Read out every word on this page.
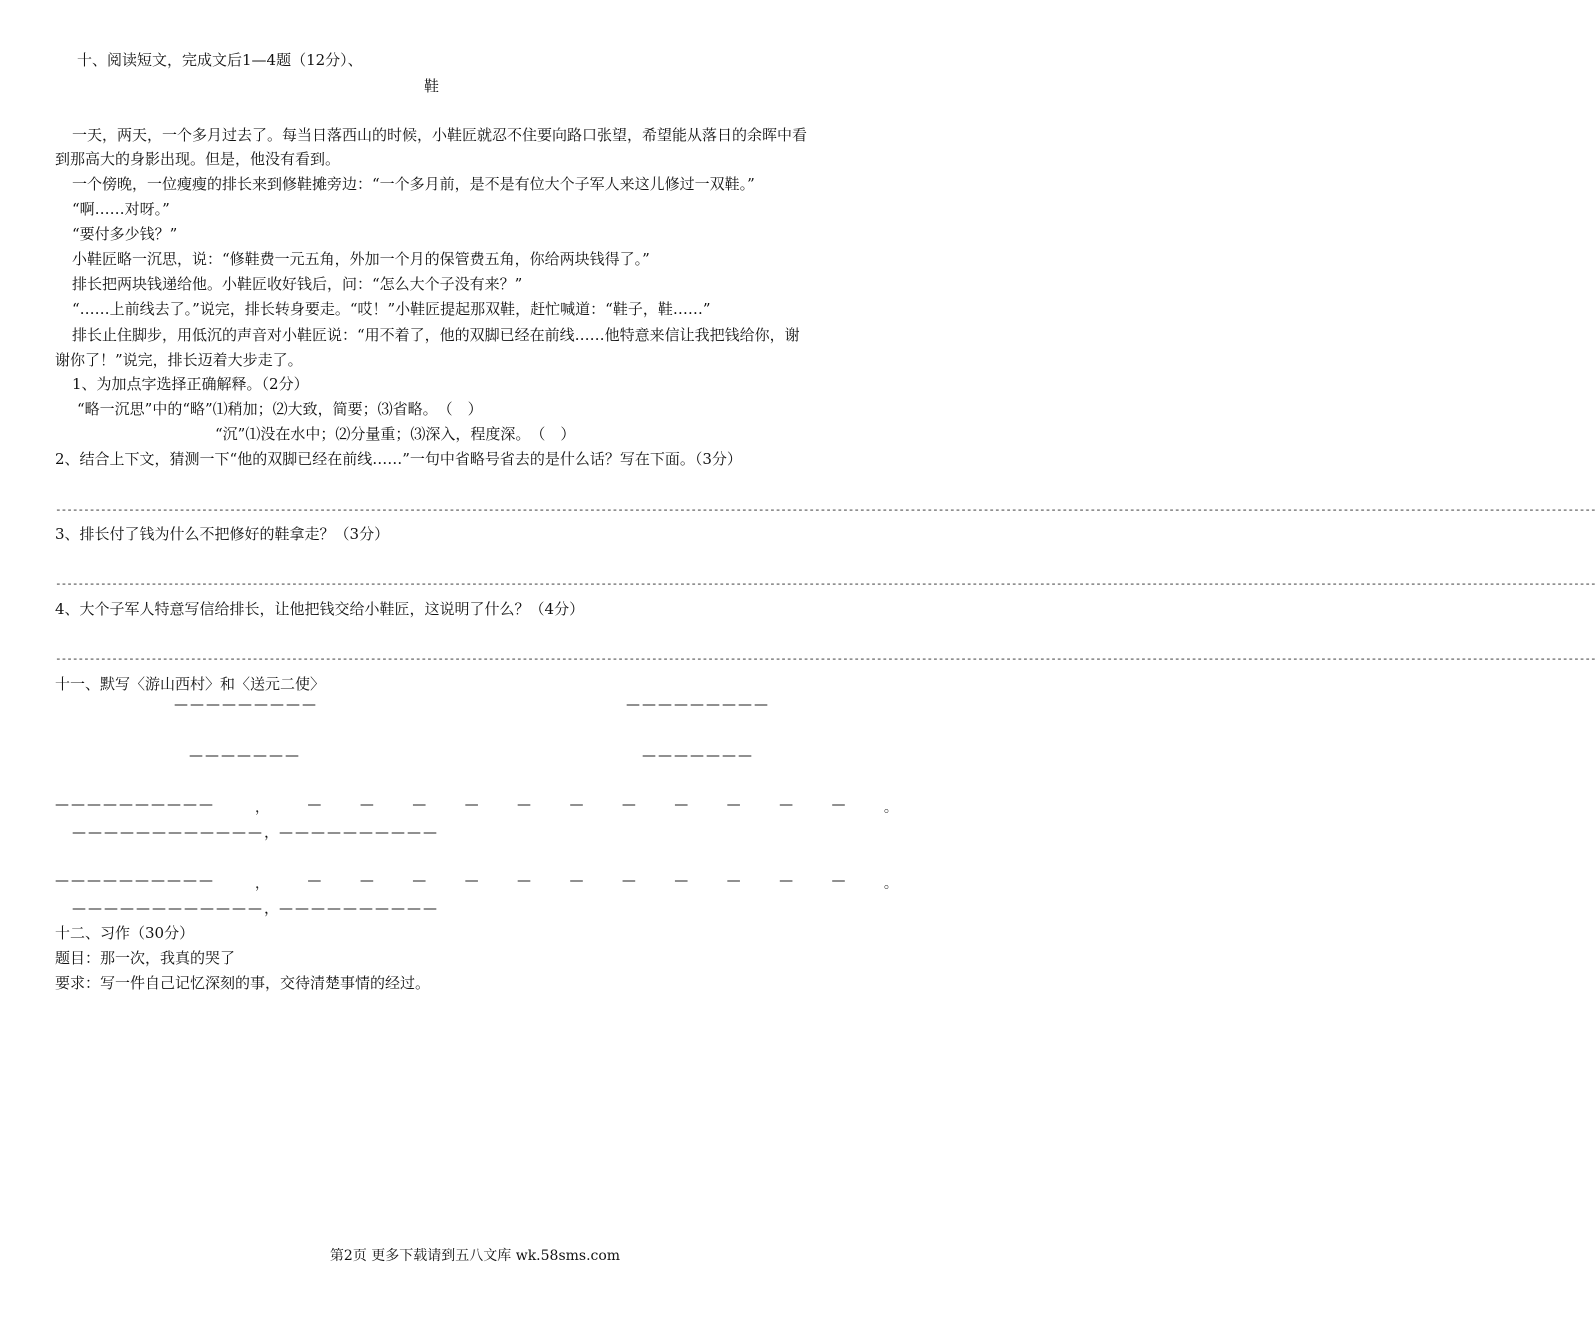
十、阅读短文，完成文后1—4题（12分）、
鞋
一天，两天，一个多月过去了。每当日落西山的时候，小鞋匠就忍不住要向路口张望，希望能从落日的余晖中看
到那高大的身影出现。但是，他没有看到。
一个傍晚，一位瘦瘦的排长来到修鞋摊旁边：“一个多月前，是不是有位大个子军人来这儿修过一双鞋。”
“啊……对呀。”
“要付多少钱？”
小鞋匠略一沉思，说：“修鞋费一元五角，外加一个月的保管费五角，你给两块钱得了。”
排长把两块钱递给他。小鞋匠收好钱后，问：“怎么大个子没有来？”
“……上前线去了。”说完，排长转身要走。“哎！”小鞋匠提起那双鞋，赶忙喊道：“鞋子，鞋……”
排长止住脚步，用低沉的声音对小鞋匠说：“用不着了，他的双脚已经在前线……他特意来信让我把钱给你，谢
谢你了！”说完，排长迈着大步走了。
1、为加点字选择正确解释。（2分）
“略一沉思”中的“略”⑴稍加；⑵大致，简要；⑶省略。　（　）
“沉”⑴没在水中；⑵分量重；⑶深入，程度深。　（　）
2、结合上下文，猜测一下“他的双脚已经在前线……”一句中省略号省去的是什么话？写在下面。（3分）
----------------------------------------------------------------------------------------------------------------------------------------------------------------------------------------------------------------------------------------------------------------------------------
3、排长付了钱为什么不把修好的鞋拿走？（3分）
----------------------------------------------------------------------------------------------------------------------------------------------------------------------------------------------------------------------------------------------------------------------------------
4、大个子军人特意写信给排长，让他把钱交给小鞋匠，这说明了什么？（4分）
----------------------------------------------------------------------------------------------------------------------------------------------------------------------------------------------------------------------------------------------------------------------------------
十一、默写〈游山西村〉和〈送元二使〉
—————————	—————————
———————	———————
——————————	，	—	—	—	—	—	—	—	—	—	—	—	。
————————————，——————————
——————————	，	—	—	—	—	—	—	—	—	—	—	—	。
————————————，——————————
十二、习作（30分）
题目：那一次，我真的哭了
要求：写一件自己记忆深刻的事，交待清楚事情的经过。
第2页 更多下载请到五八文库 wk.58sms.com
